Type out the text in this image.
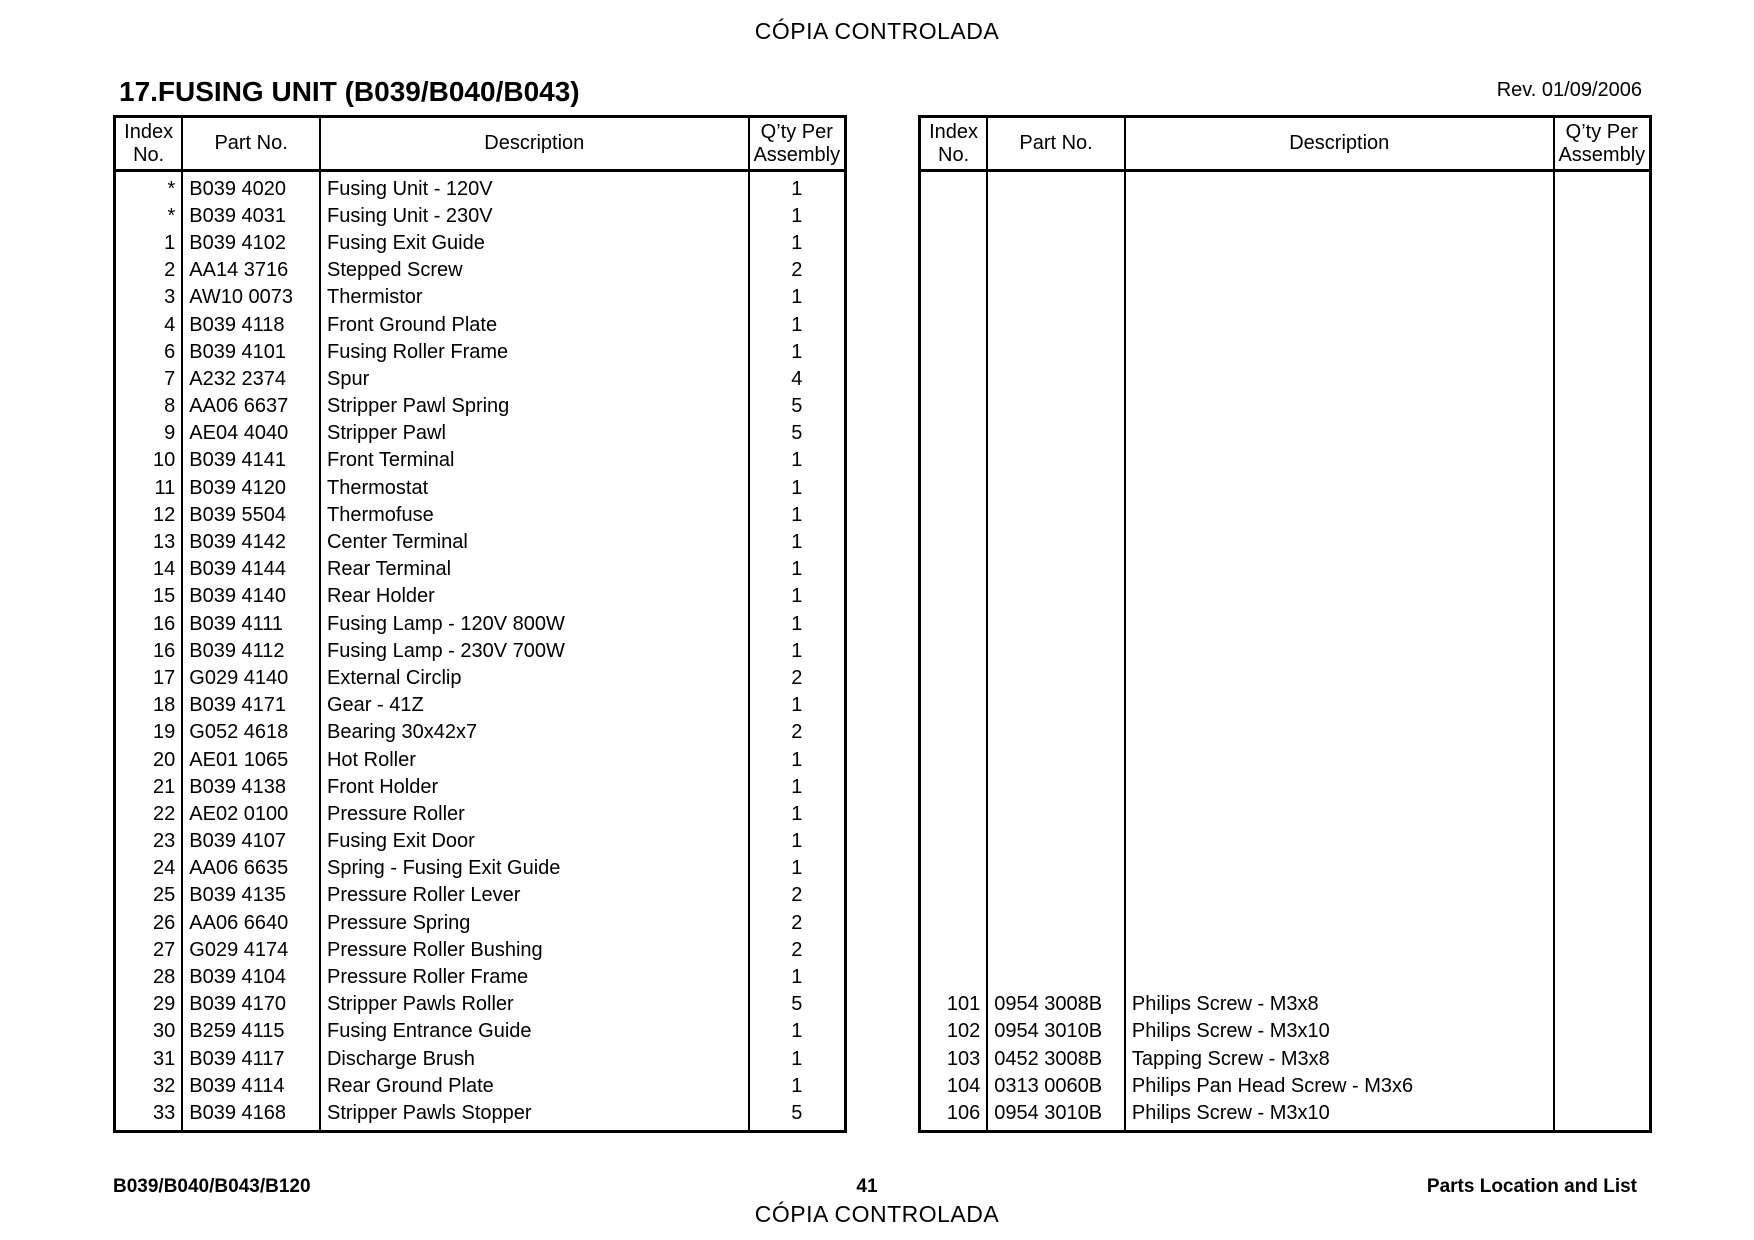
CÓPIA CONTROLADA
17.FUSING UNIT (B039/B040/B043)	Rev. 01/09/2006
Index
No.	Part No.	Description	Q’ty Per
Assembly
*	B039 4020	Fusing Unit - 120V	1
*	B039 4031	Fusing Unit - 230V	1
1	B039 4102	Fusing Exit Guide	1
2	AA14 3716	Stepped Screw	2
3	AW10 0073	Thermistor	1
4	B039 4118	Front Ground Plate	1
6	B039 4101	Fusing Roller Frame	1
7	A232 2374	Spur	4
8	AA06 6637	Stripper Pawl Spring	5
9	AE04 4040	Stripper Pawl	5
10	B039 4141	Front Terminal	1
11	B039 4120	Thermostat	1
12	B039 5504	Thermofuse	1
13	B039 4142	Center Terminal	1
14	B039 4144	Rear Terminal	1
15	B039 4140	Rear Holder	1
16	B039 4111	Fusing Lamp - 120V 800W	1
16	B039 4112	Fusing Lamp - 230V 700W	1
17	G029 4140	External Circlip	2
18	B039 4171	Gear - 41Z	1
19	G052 4618	Bearing 30x42x7	2
20	AE01 1065	Hot Roller	1
21	B039 4138	Front Holder	1
22	AE02 0100	Pressure Roller	1
23	B039 4107	Fusing Exit Door	1
24	AA06 6635	Spring - Fusing Exit Guide	1
25	B039 4135	Pressure Roller Lever	2
26	AA06 6640	Pressure Spring	2
27	G029 4174	Pressure Roller Bushing	2
28	B039 4104	Pressure Roller Frame	1
29	B039 4170	Stripper Pawls Roller	5
30	B259 4115	Fusing Entrance Guide	1
31	B039 4117	Discharge Brush	1
32	B039 4114	Rear Ground Plate	1
33	B039 4168	Stripper Pawls Stopper	5
Index
No.	Part No.	Description	Q’ty Per
Assembly

101	0954 3008B	Philips Screw - M3x8	
102	0954 3010B	Philips Screw - M3x10	
103	0452 3008B	Tapping Screw - M3x8	
104	0313 0060B	Philips Pan Head Screw - M3x6	
106	0954 3010B	Philips Screw - M3x10	
B039/B040/B043/B120	41	Parts Location and List
CÓPIA CONTROLADA
